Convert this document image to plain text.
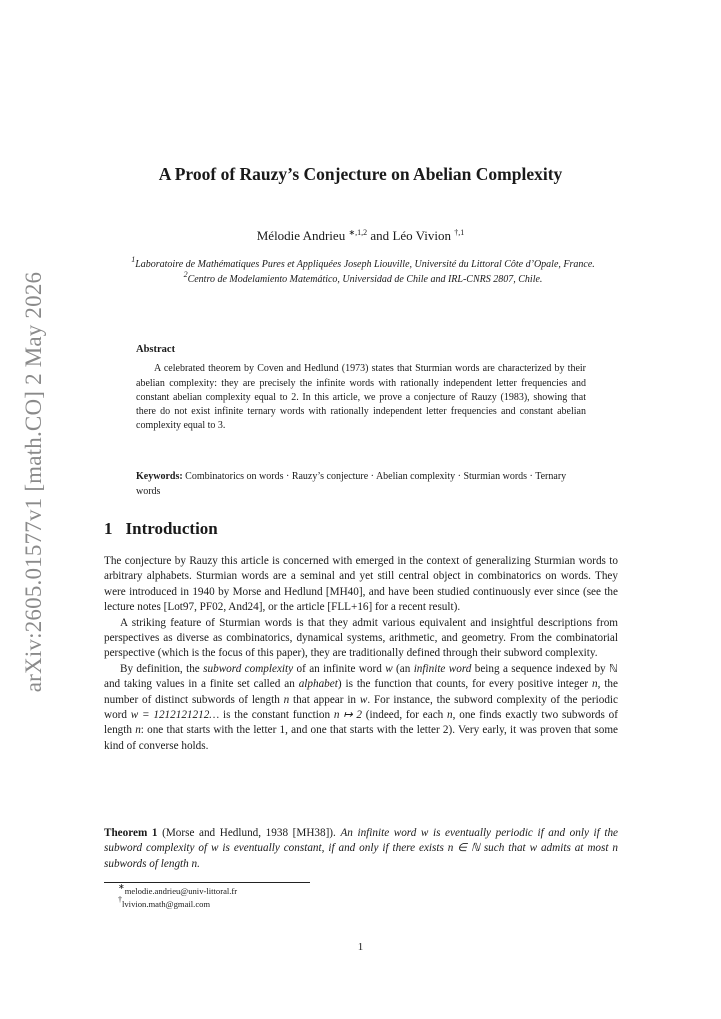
arXiv:2605.01577v1 [math.CO] 2 May 2026
A Proof of Rauzy’s Conjecture on Abelian Complexity
Mélodie Andrieu $^{∗,1,2}$ and Léo Vivion $^{\dagger,1}$
$^1$Laboratoire de Mathématiques Pures et Appliquées Joseph Liouville, Université du Littoral Côte d’Opale, France.
$^2$Centro de Modelamiento Matemático, Universidad de Chile and IRL-CNRS 2807, Chile.
Abstract
A celebrated theorem by Coven and Hedlund (1973) states that Sturmian words are characterized by their abelian complexity: they are precisely the infinite words with rationally independent letter frequencies and constant abelian complexity equal to 2. In this article, we prove a conjecture of Rauzy (1983), showing that there do not exist infinite ternary words with rationally independent letter frequencies and constant abelian complexity equal to 3.
Keywords: Combinatorics on words · Rauzy’s conjecture · Abelian complexity · Sturmian words · Ternary words
1 Introduction

The conjecture by Rauzy this article is concerned with emerged in the context of generalizing Sturmian words to arbitrary alphabets. Sturmian words are a seminal and yet still central object in combinatorics on words. They were introduced in 1940 by Morse and Hedlund [MH40], and have been studied continuously ever since (see the lecture notes [Lot97, PF02, And24], or the article [FLL+16] for a recent result).

A striking feature of Sturmian words is that they admit various equivalent and insightful descriptions from perspectives as diverse as combinatorics, dynamical systems, arithmetic, and geometry. From the combinatorial perspective (which is the focus of this paper), they are traditionally defined through their subword complexity.

By definition, the subword complexity of an infinite word w (an infinite word being a sequence indexed by ℕ and taking values in a finite set called an alphabet) is the function that counts, for every positive integer n, the number of distinct subwords of length n that appear in w. For instance, the subword complexity of the periodic word w = 1212121212… is the constant function n ↦ 2 (indeed, for each n, one finds exactly two subwords of length n: one that starts with the letter 1, and one that starts with the letter 2). Very early, it was proven that some kind of converse holds.

Theorem 1 (Morse and Hedlund, 1938 [MH38]). An infinite word w is eventually periodic if and only if the subword complexity of w is eventually constant, if and only if there exists n ∈ ℕ such that w admits at most n subwords of length n.
∗melodie.andrieu@univ-littoral.fr
†lvivion.math@gmail.com
1
